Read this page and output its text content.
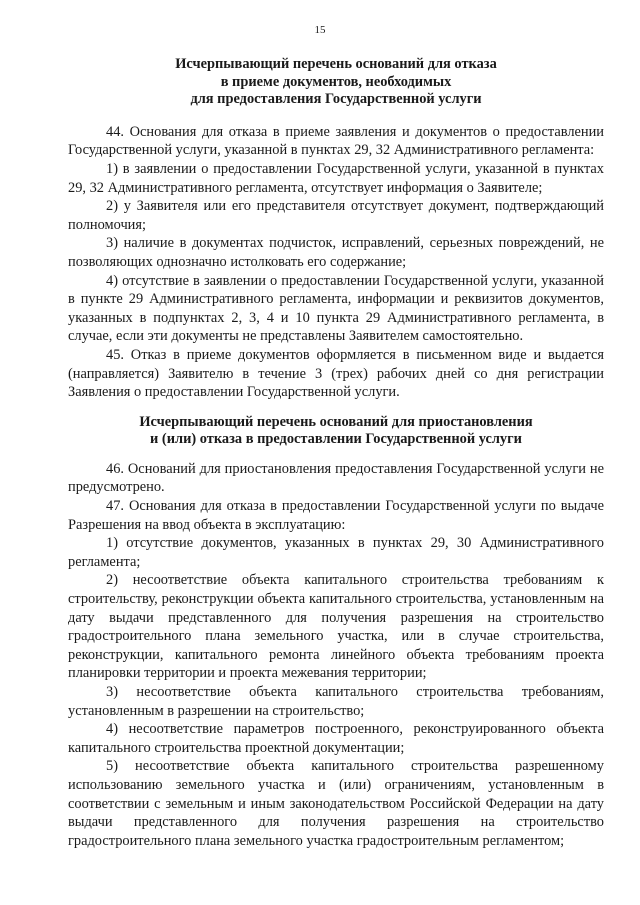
15
Исчерпывающий перечень оснований для отказа
в приеме документов, необходимых
для предоставления Государственной услуги

44. Основания для отказа в приеме заявления и документов о предоставлении Государственной услуги, указанной в пунктах 29, 32 Административного регламента:

1) в заявлении о предоставлении Государственной услуги, указанной в пунктах 29, 32 Административного регламента, отсутствует информация о Заявителе;

2) у Заявителя или его представителя отсутствует документ, подтверждающий полномочия;

3) наличие в документах подчисток, исправлений, серьезных повреждений, не позволяющих однозначно истолковать его содержание;

4) отсутствие в заявлении о предоставлении Государственной услуги, указанной в пункте 29 Административного регламента, информации и реквизитов документов, указанных в подпунктах 2, 3, 4 и 10 пункта 29 Административного регламента, в случае, если эти документы не представлены Заявителем самостоятельно.

45. Отказ в приеме документов оформляется в письменном виде и выдается (направляется) Заявителю в течение 3 (трех) рабочих дней со дня регистрации Заявления о предоставлении Государственной услуги.

Исчерпывающий перечень оснований для приостановления
и (или) отказа в предоставлении Государственной услуги

46. Оснований для приостановления предоставления Государственной услуги не предусмотрено.

47. Основания для отказа в предоставлении Государственной услуги по выдаче Разрешения на ввод объекта в эксплуатацию:

1) отсутствие документов, указанных в пунктах 29, 30 Административного регламента;

2) несоответствие объекта капитального строительства требованиям к строительству, реконструкции объекта капитального строительства, установленным на дату выдачи представленного для получения разрешения на строительство градостроительного плана земельного участка, или в случае строительства, реконструкции, капитального ремонта линейного объекта требованиям проекта планировки территории и проекта межевания территории;

3) несоответствие объекта капитального строительства требованиям, установленным в разрешении на строительство;

4) несоответствие параметров построенного, реконструированного объекта капитального строительства проектной документации;

5) несоответствие объекта капитального строительства разрешенному использованию земельного участка и (или) ограничениям, установленным в соответствии с земельным и иным законодательством Российской Федерации на дату выдачи представленного для получения разрешения на строительство градостроительного плана земельного участка градостроительным регламентом;
